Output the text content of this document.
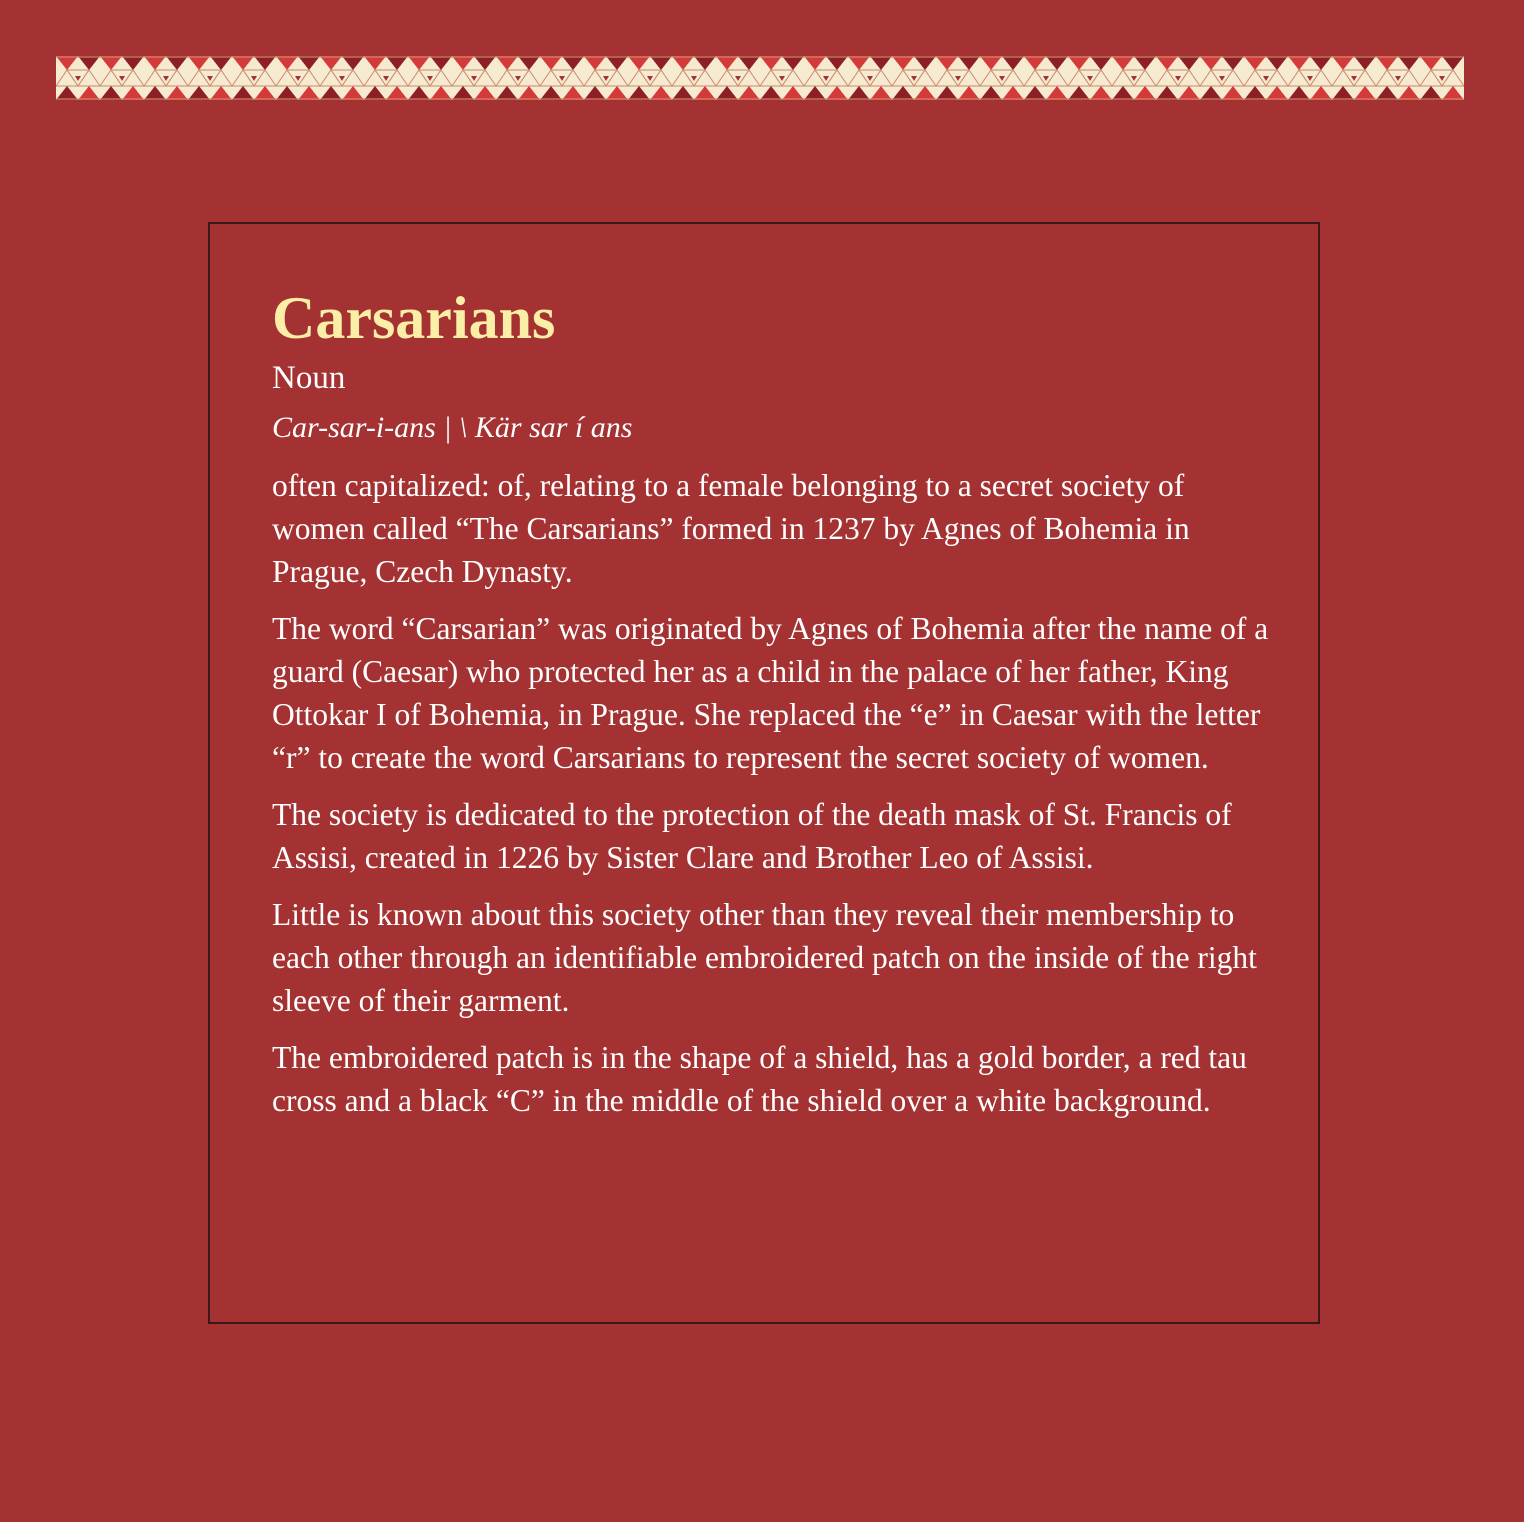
Carsarians

Noun

Car-sar-i-ans | \ Kär sar í ans

often capitalized: of, relating to a female belonging to a secret society of women called “The Carsarians” formed in 1237 by Agnes of Bohemia in Prague, Czech Dynasty.

The word “Carsarian” was originated by Agnes of Bohemia after the name of a guard (Caesar) who protected her as a child in the palace of her father, King Ottokar I of Bohemia, in Prague. She replaced the “e” in Caesar with the letter “r” to create the word Carsarians to represent the secret society of women.

The society is dedicated to the protection of the death mask of St. Francis of Assisi, created in 1226 by Sister Clare and Brother Leo of Assisi.

Little is known about this society other than they reveal their membership to each other through an identifiable embroidered patch on the inside of the right sleeve of their garment.

The embroidered patch is in the shape of a shield, has a gold border, a red tau cross and a black “C” in the middle of the shield over a white background.
